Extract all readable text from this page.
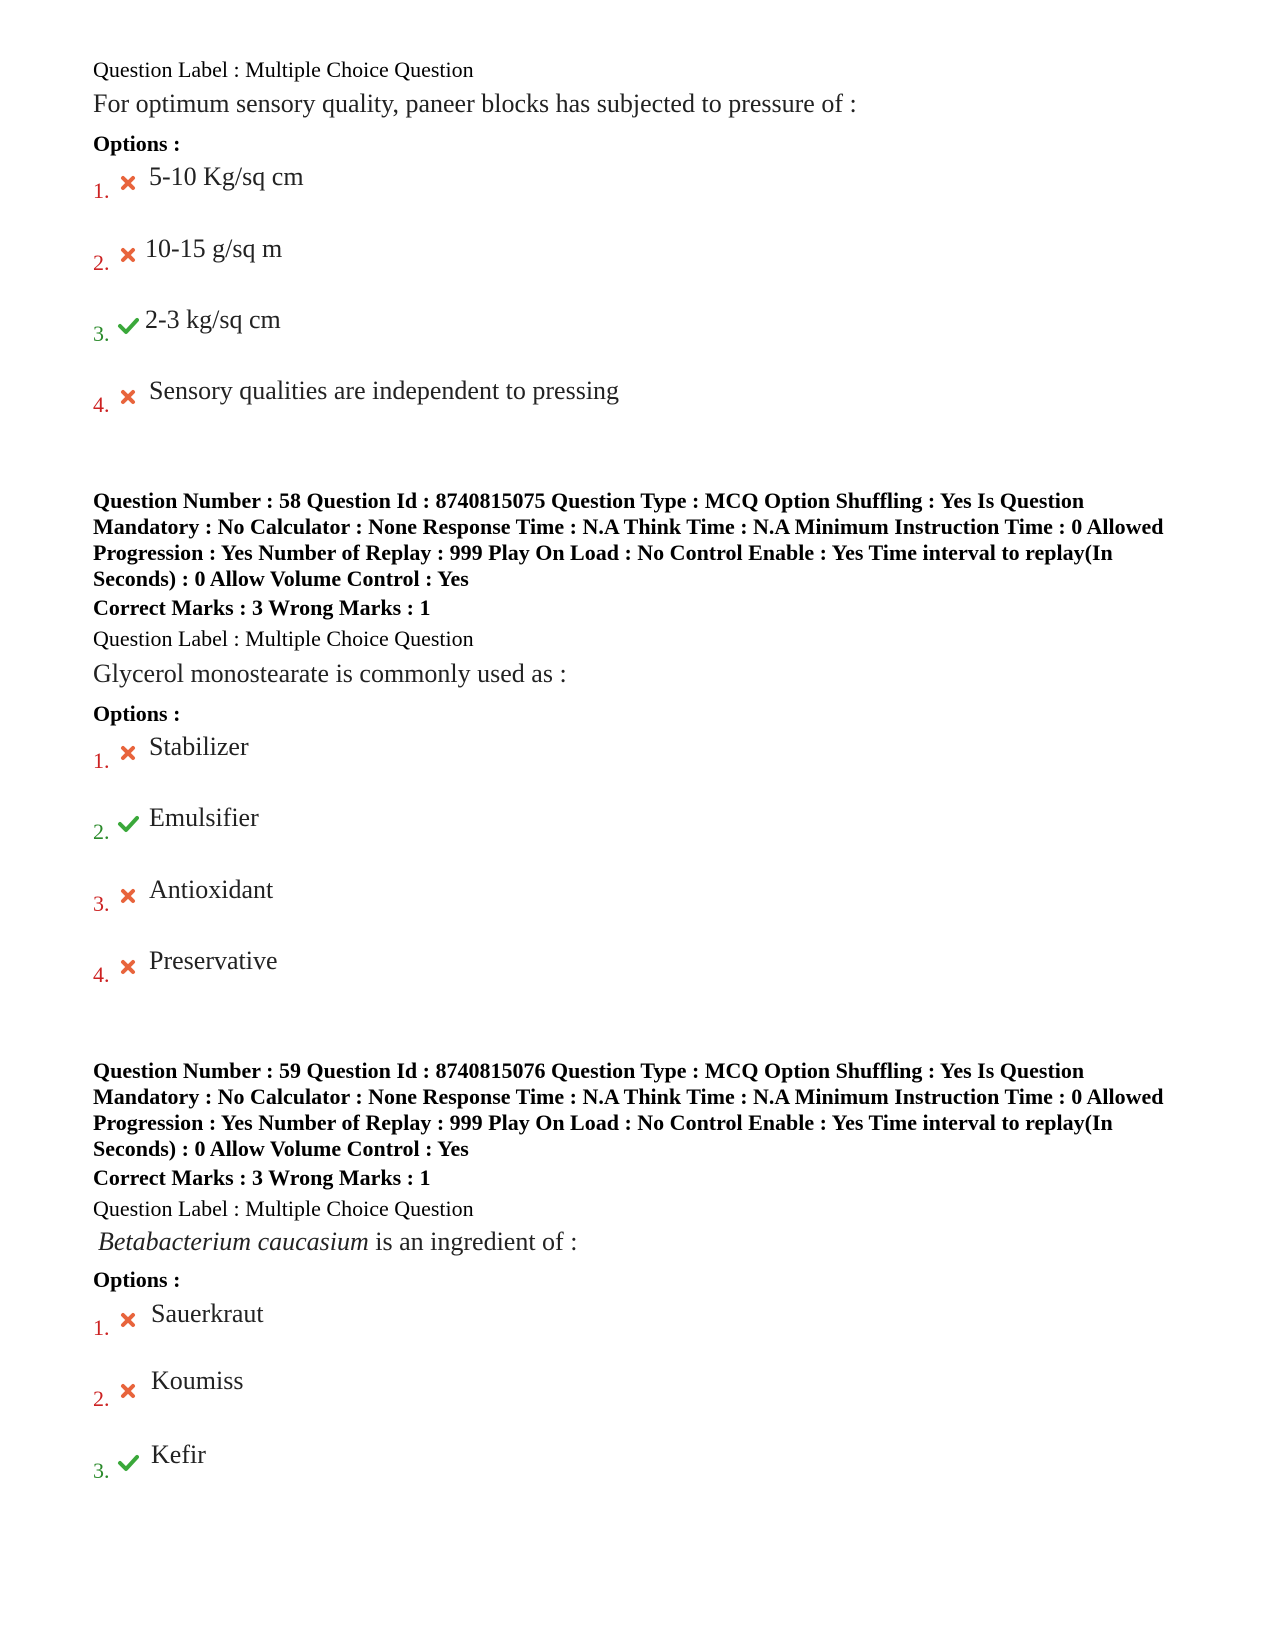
Question Label : Multiple Choice Question
For optimum sensory quality, paneer blocks has subjected to pressure of :
Options :
1. 5-10 Kg/sq cm
2. 10-15 g/sq m
3. 2-3 kg/sq cm
4. Sensory qualities are independent to pressing
Question Number : 58 Question Id : 8740815075 Question Type : MCQ Option Shuffling : Yes Is Question Mandatory : No Calculator : None Response Time : N.A Think Time : N.A Minimum Instruction Time : 0 Allowed Progression : Yes Number of Replay : 999 Play On Load : No Control Enable : Yes Time interval to replay(In Seconds) : 0 Allow Volume Control : Yes
Correct Marks : 3 Wrong Marks : 1
Question Label : Multiple Choice Question
Glycerol monostearate is commonly used as :
Options :
1. Stabilizer
2. Emulsifier
3. Antioxidant
4. Preservative
Question Number : 59 Question Id : 8740815076 Question Type : MCQ Option Shuffling : Yes Is Question Mandatory : No Calculator : None Response Time : N.A Think Time : N.A Minimum Instruction Time : 0 Allowed Progression : Yes Number of Replay : 999 Play On Load : No Control Enable : Yes Time interval to replay(In Seconds) : 0 Allow Volume Control : Yes
Correct Marks : 3 Wrong Marks : 1
Question Label : Multiple Choice Question
Betabacterium caucasium is an ingredient of :
Options :
1. Sauerkraut
2.
Koumiss
3.
Kefir
